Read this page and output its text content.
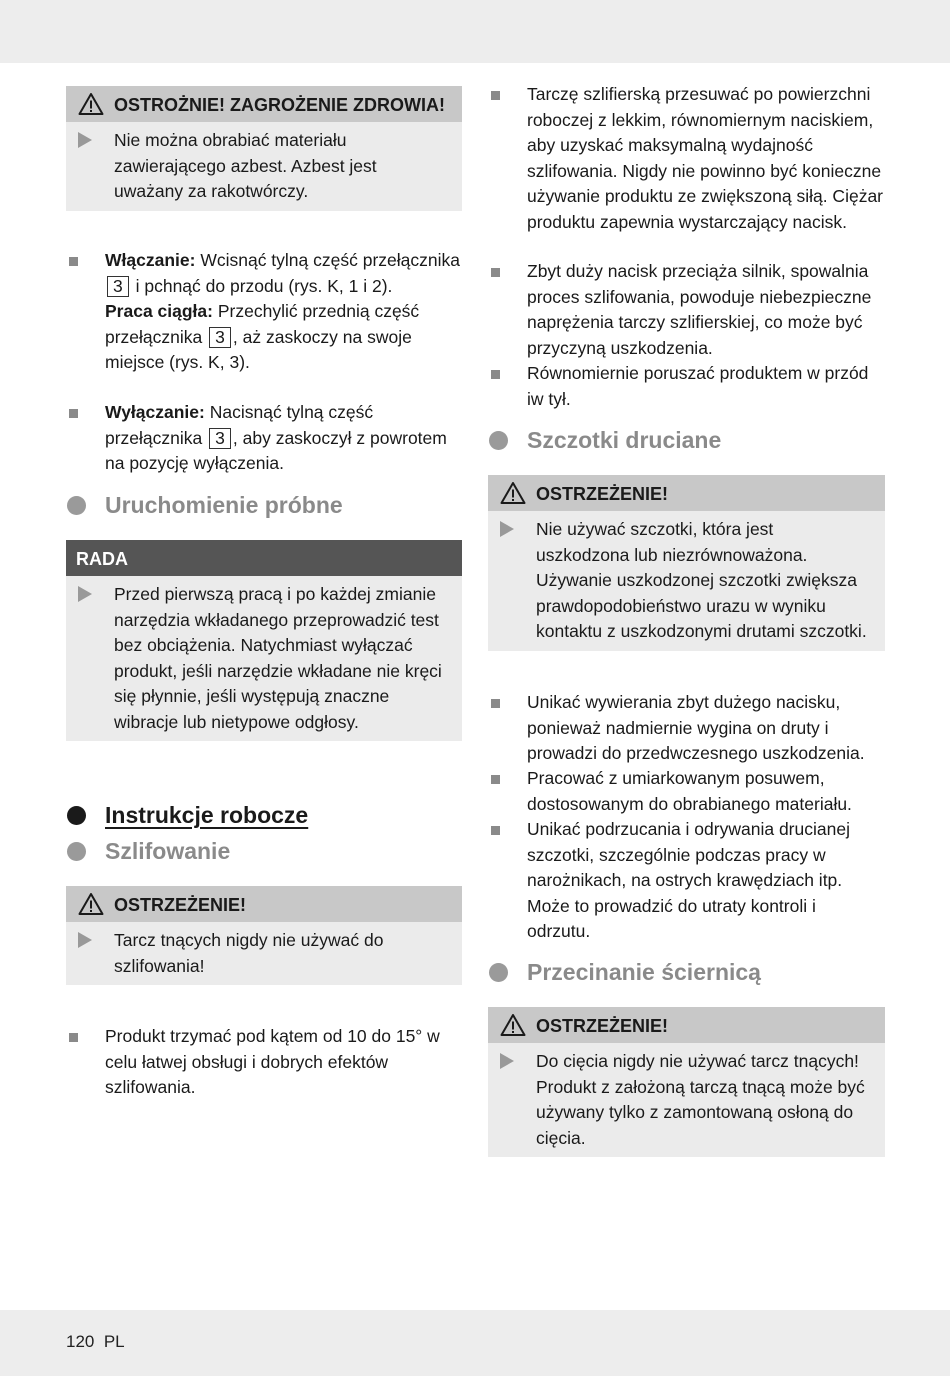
OSTROŻNIE! ZAGROŻENIE ZDROWIA!
Nie można obrabiać materiału zawierającego azbest. Azbest jest uważany za rakotwórczy.
Włączanie: Wcisnąć tylną część przełącznika 3 i pchnąć do przodu (rys. K, 1 i 2).
Praca ciągła: Przechylić przednią część przełącznika 3 , aż zaskoczy na swoje miejsce (rys. K, 3).
Wyłączanie: Nacisnąć tylną część przełącznika 3 , aby zaskoczył z powrotem na pozycję wyłączenia.
Uruchomienie próbne
RADA
Przed pierwszą pracą i po każdej zmianie narzędzia wkładanego przeprowadzić test bez obciążenia. Natychmiast wyłączać produkt, jeśli narzędzie wkładane nie kręci się płynnie, jeśli występują znaczne wibracje lub nietypowe odgłosy.
Instrukcje robocze
Szlifowanie
OSTRZEŻENIE!
Tarcz tnących nigdy nie używać do szlifowania!
Produkt trzymać pod kątem od 10 do 15° w celu łatwej obsługi i dobrych efektów szlifowania.
Tarczę szlifierską przesuwać po powierzchni roboczej z lekkim, równomiernym naciskiem, aby uzyskać maksymalną wydajność szlifowania. Nigdy nie powinno być konieczne używanie produktu ze zwiększoną siłą. Ciężar produktu zapewnia wystarczający nacisk.
Zbyt duży nacisk przeciąża silnik, spowalnia proces szlifowania, powoduje niebezpieczne naprężenia tarczy szlifierskiej, co może być przyczyną uszkodzenia.
Równomiernie poruszać produktem w przód iw tył.
Szczotki druciane
OSTRZEŻENIE!
Nie używać szczotki, która jest uszkodzona lub niezrównoważona. Używanie uszkodzonej szczotki zwiększa prawdopodobieństwo urazu w wyniku kontaktu z uszkodzonymi drutami szczotki.
Unikać wywierania zbyt dużego nacisku, ponieważ nadmiernie wygina on druty i prowadzi do przedwczesnego uszkodzenia.
Pracować z umiarkowanym posuwem, dostosowanym do obrabianego materiału.
Unikać podrzucania i odrywania drucianej szczotki, szczególnie podczas pracy w narożnikach, na ostrych krawędziach itp. Może to prowadzić do utraty kontroli i odrzutu.
Przecinanie ściernicą
OSTRZEŻENIE!
Do cięcia nigdy nie używać tarcz tnących! Produkt z założoną tarczą tnącą może być używany tylko z zamontowaną osłoną do cięcia.
120 PL
